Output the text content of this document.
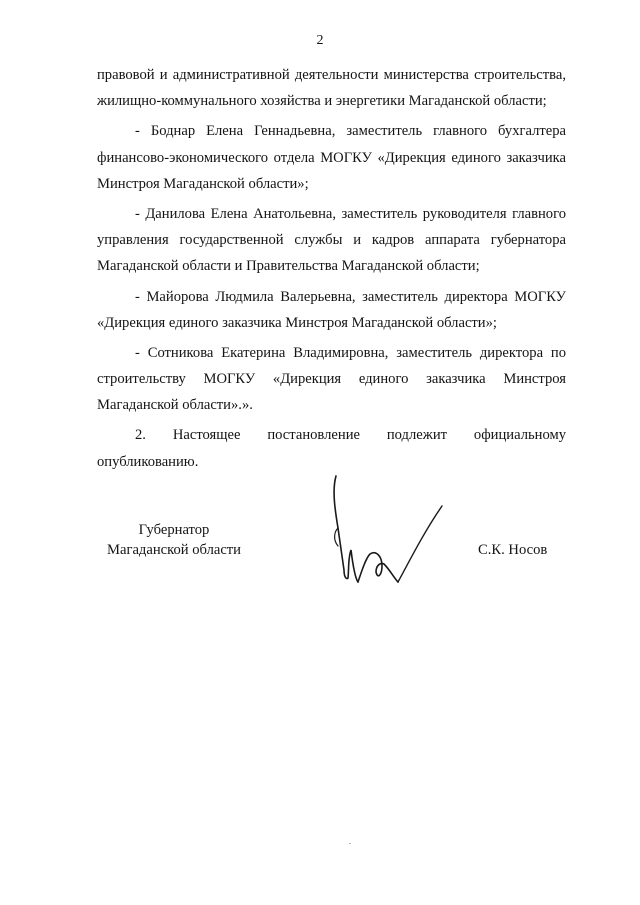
2
правовой и административной деятельности министерства строительства,
жилищно-коммунального хозяйства и энергетики Магаданской области;
- Боднар Елена Геннадьевна, заместитель главного бухгалтера
финансово-экономического отдела МОГКУ «Дирекция единого заказчика
Минстроя Магаданской области»;
- Данилова Елена Анатольевна, заместитель руководителя главного
управления государственной службы и кадров аппарата губернатора
Магаданской области и Правительства Магаданской области;
- Майорова Людмила Валерьевна, заместитель директора МОГКУ
«Дирекция единого заказчика Минстроя Магаданской области»;
- Сотникова Екатерина Владимировна, заместитель директора по
строительству МОГКУ «Дирекция единого заказчика Минстроя
Магаданской области».».
2. Настоящее постановление подлежит официальному
опубликованию.
Губернатор
Магаданской области	С.К. Носов
